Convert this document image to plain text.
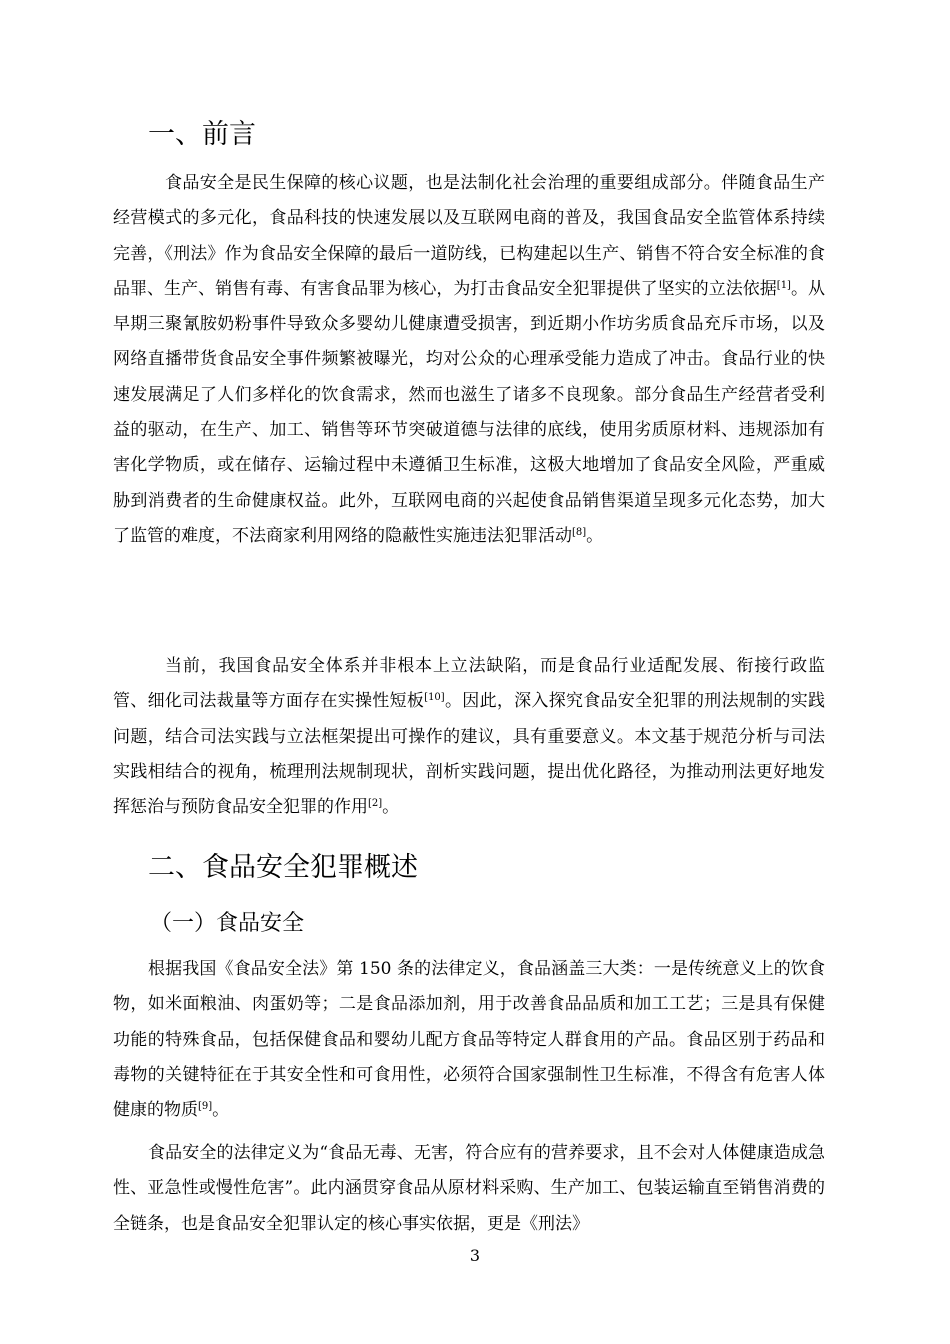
一、前言

食品安全是民生保障的核心议题，也是法制化社会治理的重要组成部分。伴随食品生产经营模式的多元化，食品科技的快速发展以及互联网电商的普及，我国食品安全监管体系持续完善，《刑法》作为食品安全保障的最后一道防线，已构建起以生产、销售不符合安全标准的食品罪、生产、销售有毒、有害食品罪为核心，为打击食品安全犯罪提供了坚实的立法依据[1]。从早期三聚氰胺奶粉事件导致众多婴幼儿健康遭受损害，到近期小作坊劣质食品充斥市场，以及网络直播带货食品安全事件频繁被曝光，均对公众的心理承受能力造成了冲击。食品行业的快速发展满足了人们多样化的饮食需求，然而也滋生了诸多不良现象。部分食品生产经营者受利益的驱动，在生产、加工、销售等环节突破道德与法律的底线，使用劣质原材料、违规添加有害化学物质，或在储存、运输过程中未遵循卫生标准，这极大地增加了食品安全风险，严重威胁到消费者的生命健康权益。此外，互联网电商的兴起使食品销售渠道呈现多元化态势，加大了监管的难度，不法商家利用网络的隐蔽性实施违法犯罪活动[8]。

当前，我国食品安全体系并非根本上立法缺陷，而是食品行业适配发展、衔接行政监管、细化司法裁量等方面存在实操性短板[10]。因此，深入探究食品安全犯罪的刑法规制的实践问题，结合司法实践与立法框架提出可操作的建议，具有重要意义。本文基于规范分析与司法实践相结合的视角，梳理刑法规制现状，剖析实践问题，提出优化路径，为推动刑法更好地发挥惩治与预防食品安全犯罪的作用[2]。

二、食品安全犯罪概述
（一）食品安全

根据我国《食品安全法》第 150 条的法律定义，食品涵盖三大类：一是传统意义上的饮食物，如米面粮油、肉蛋奶等；二是食品添加剂，用于改善食品品质和加工工艺；三是具有保健功能的特殊食品，包括保健食品和婴幼儿配方食品等特定人群食用的产品。食品区别于药品和毒物的关键特征在于其安全性和可食用性，必须符合国家强制性卫生标准，不得含有危害人体健康的物质[9]。

食品安全的法律定义为“食品无毒、无害，符合应有的营养要求，且不会对人体健康造成急性、亚急性或慢性危害”。此内涵贯穿食品从原材料采购、生产加工、包装运输直至销售消费的全链条，也是食品安全犯罪认定的核心事实依据，更是《刑法》

3
